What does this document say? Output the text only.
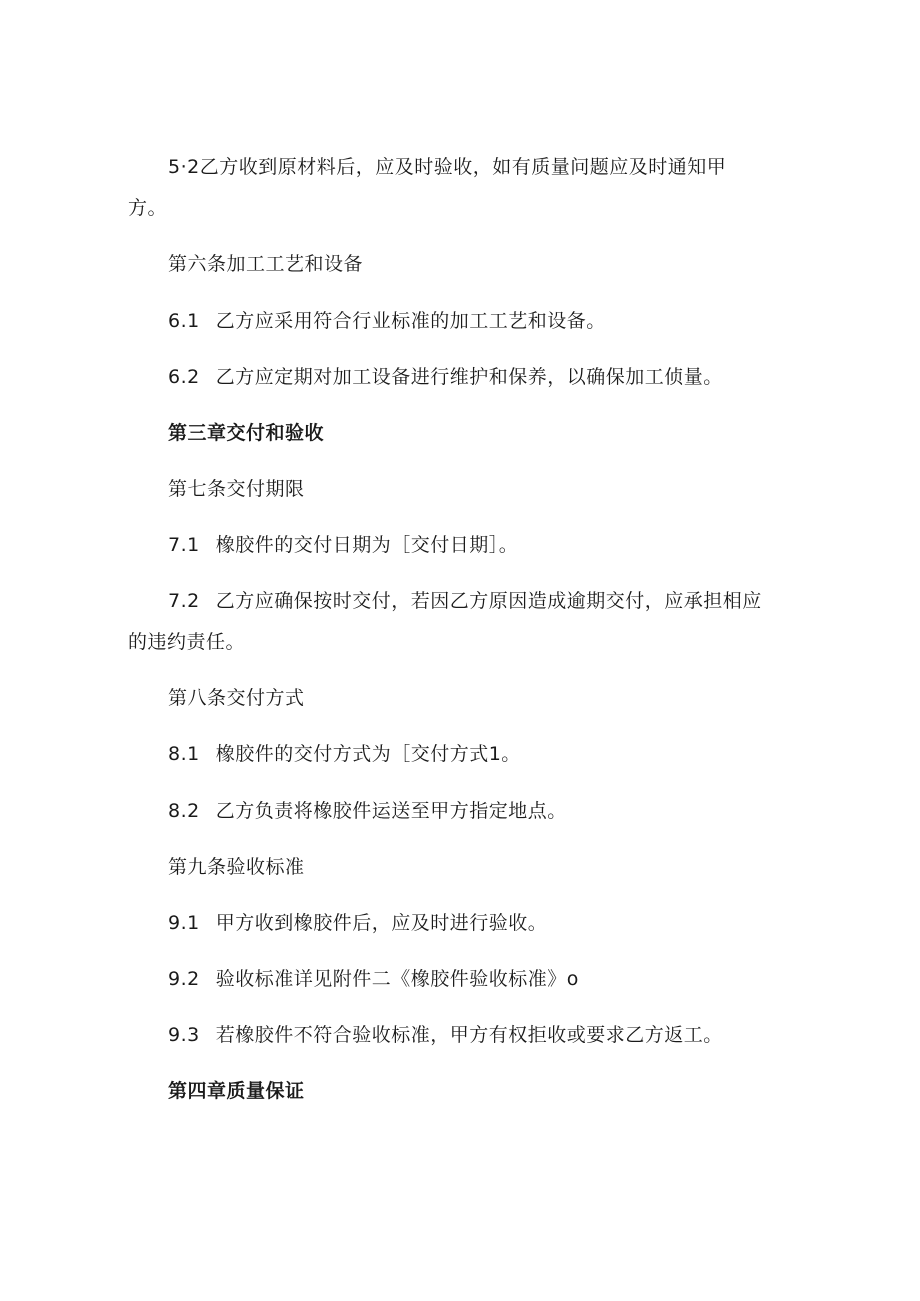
5·2乙方收到原材料后，应及时验收，如有质量问题应及时通知甲
方。
第六条加工工艺和设备
6.1 乙方应采用符合行业标准的加工工艺和设备。
6.2 乙方应定期对加工设备进行维护和保养，以确保加工侦量。
第三章交付和验收
第七条交付期限
7.1 橡胶件的交付日期为［交付日期］。
7.2 乙方应确保按时交付，若因乙方原因造成逾期交付，应承担相应
的违约责任。
第八条交付方式
8.1 橡胶件的交付方式为［交付方式1。
8.2 乙方负责将橡胶件运送至甲方指定地点。
第九条验收标准
9.1 甲方收到橡胶件后，应及时进行验收。
9.2 验收标准详见附件二《橡胶件验收标准》o
9.3 若橡胶件不符合验收标准，甲方有权拒收或要求乙方返工。
第四章质量保证
